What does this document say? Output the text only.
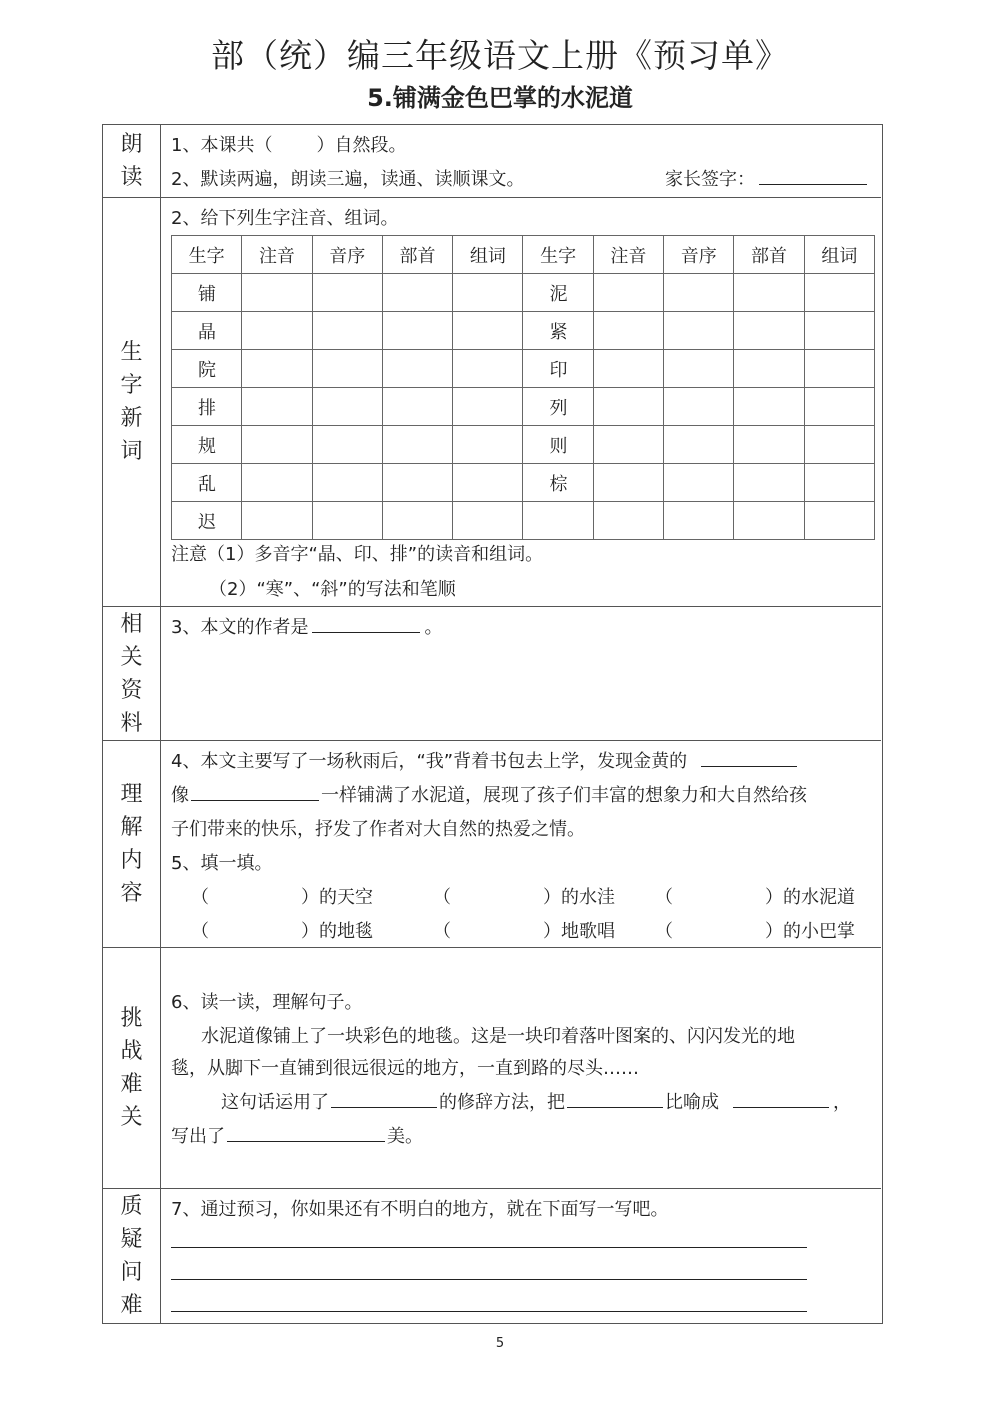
部（统）编三年级语文上册《预习单》
5.铺满金色巴掌的水泥道
朗
读
1、本课共（ ）自然段。
2、默读两遍，朗读三遍，读通、读顺课文。	家长签字：
生
字
新
词
2、给下列生字注音、组词。
生字	注音	音序	部首	组词	生字	注音	音序	部首	组词
铺					泥				
晶					紧				
院					印				
排					列				
规					则				
乱					棕				
迟									
注意（1）多音字“晶、印、排”的读音和组词。
（2）“寒”、“斜”的写法和笔顺
相
关
资
料
3、本文的作者是	。
理
解
内
容
4、本文主要写了一场秋雨后，“我”背着书包去上学，发现金黄的
像	一样铺满了水泥道，展现了孩子们丰富的想象力和大自然给孩
子们带来的快乐，抒发了作者对大自然的热爱之情。
5、填一填。
（	）的天空	（	）的水洼 （	）的水泥道
（	）的地毯	（	）地歌唱 （	）的小巴掌
挑
战
难
关
6、读一读，理解句子。
水泥道像铺上了一块彩色的地毯。这是一块印着落叶图案的、闪闪发光的地
毯，从脚下一直铺到很远很远的地方，一直到路的尽头……
这句话运用了	的修辞方法，把	比喻成	，
写出了	美。
质
疑
问
难
7、通过预习，你如果还有不明白的地方，就在下面写一写吧。
5
